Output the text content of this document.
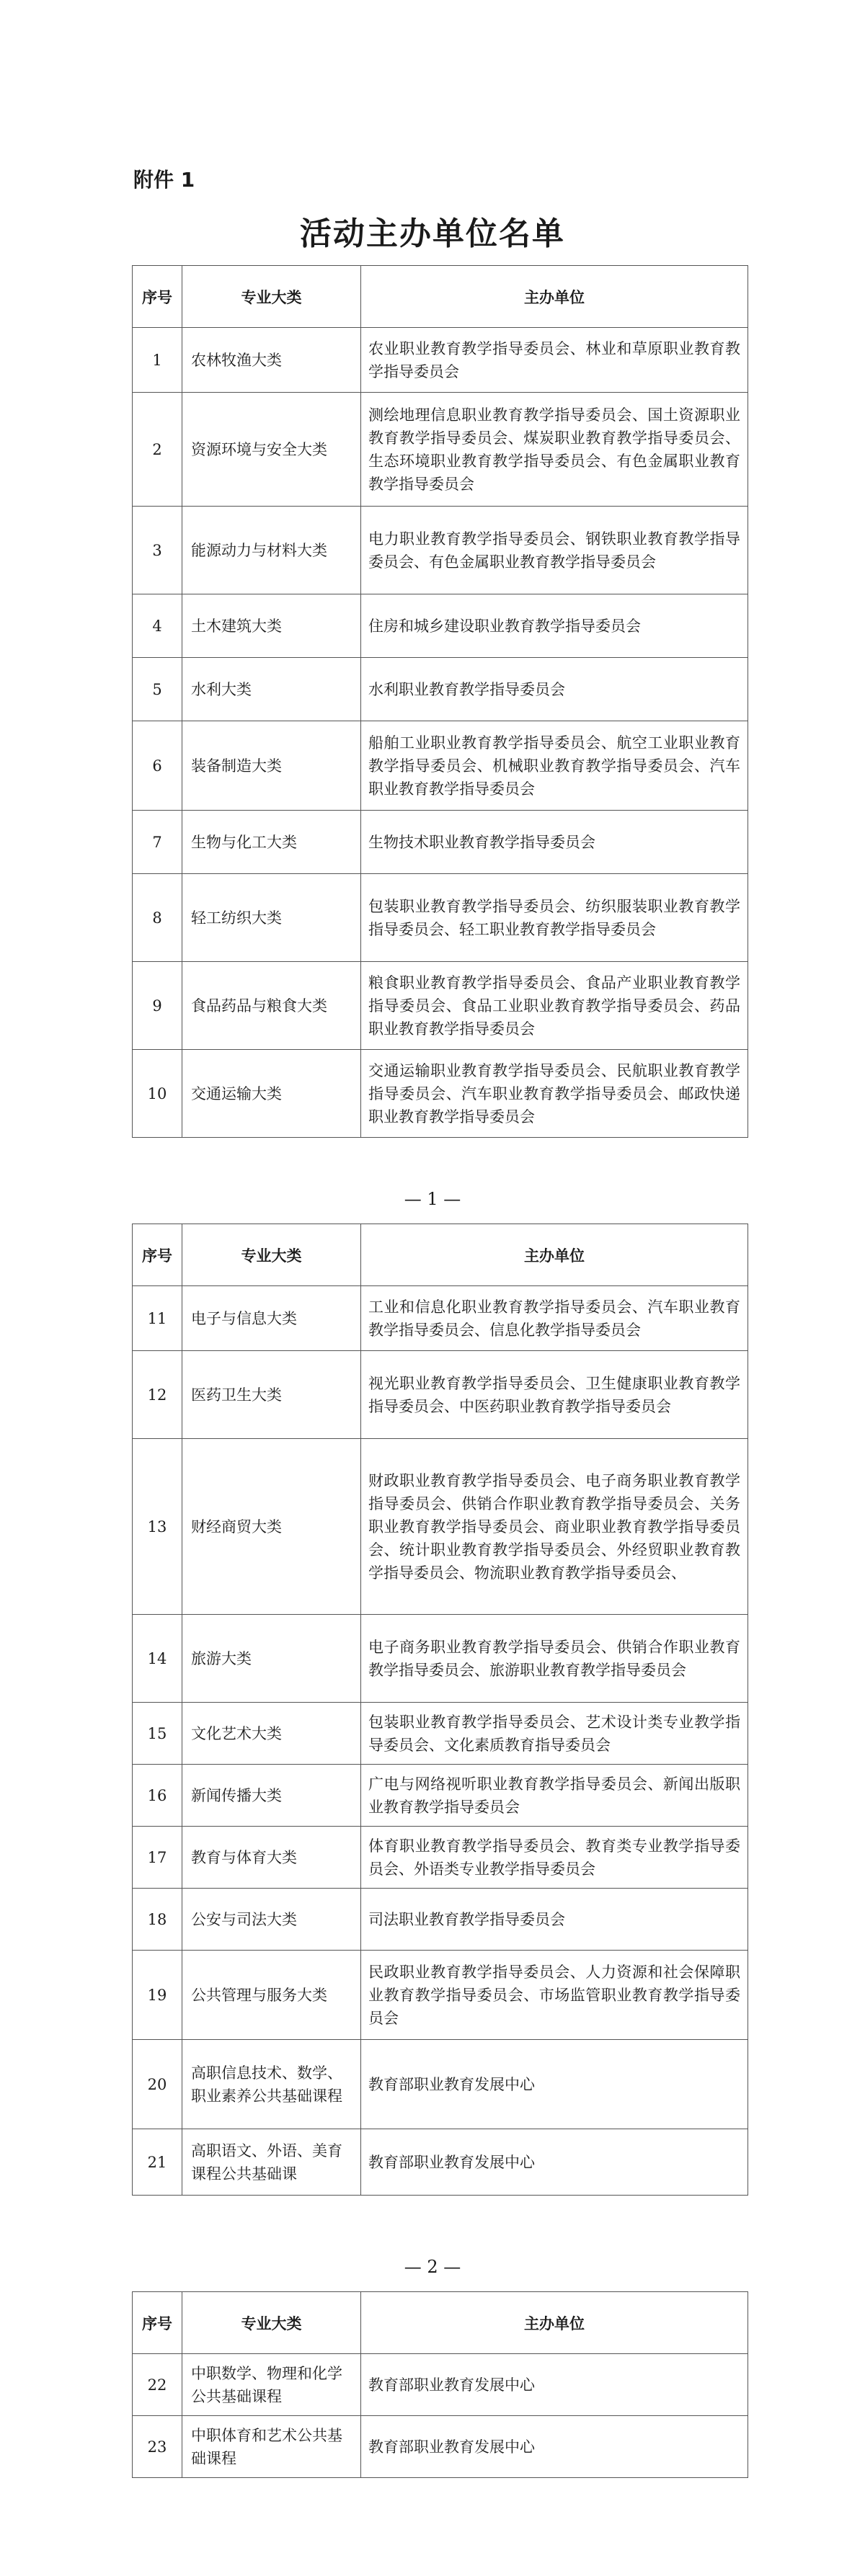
附件 1

活动主办单位名单
序号	专业大类	主办单位
1	农林牧渔大类	农业职业教育教学指导委员会、林业和草原职业教育教学指导委员会
2	资源环境与安全大类	测绘地理信息职业教育教学指导委员会、国土资源职业教育教学指导委员会、煤炭职业教育教学指导委员会、生态环境职业教育教学指导委员会、有色金属职业教育教学指导委员会
3	能源动力与材料大类	电力职业教育教学指导委员会、钢铁职业教育教学指导委员会、有色金属职业教育教学指导委员会
4	土木建筑大类	住房和城乡建设职业教育教学指导委员会
5	水利大类	水利职业教育教学指导委员会
6	装备制造大类	船舶工业职业教育教学指导委员会、航空工业职业教育教学指导委员会、机械职业教育教学指导委员会、汽车职业教育教学指导委员会
7	生物与化工大类	生物技术职业教育教学指导委员会
8	轻工纺织大类	包装职业教育教学指导委员会、纺织服装职业教育教学指导委员会、轻工职业教育教学指导委员会
9	食品药品与粮食大类	粮食职业教育教学指导委员会、食品产业职业教育教学指导委员会、食品工业职业教育教学指导委员会、药品职业教育教学指导委员会
10	交通运输大类	交通运输职业教育教学指导委员会、民航职业教育教学指导委员会、汽车职业教育教学指导委员会、邮政快递职业教育教学指导委员会

— 1 —

序号	专业大类	主办单位
11	电子与信息大类	工业和信息化职业教育教学指导委员会、汽车职业教育教学指导委员会、信息化教学指导委员会
12	医药卫生大类	视光职业教育教学指导委员会、卫生健康职业教育教学指导委员会、中医药职业教育教学指导委员会
13	财经商贸大类	财政职业教育教学指导委员会、电子商务职业教育教学指导委员会、供销合作职业教育教学指导委员会、关务职业教育教学指导委员会、商业职业教育教学指导委员会、统计职业教育教学指导委员会、外经贸职业教育教学指导委员会、物流职业教育教学指导委员会、
14	旅游大类	电子商务职业教育教学指导委员会、供销合作职业教育教学指导委员会、旅游职业教育教学指导委员会
15	文化艺术大类	包装职业教育教学指导委员会、艺术设计类专业教学指导委员会、文化素质教育指导委员会
16	新闻传播大类	广电与网络视听职业教育教学指导委员会、新闻出版职业教育教学指导委员会
17	教育与体育大类	体育职业教育教学指导委员会、教育类专业教学指导委员会、外语类专业教学指导委员会
18	公安与司法大类	司法职业教育教学指导委员会
19	公共管理与服务大类	民政职业教育教学指导委员会、人力资源和社会保障职业教育教学指导委员会、市场监管职业教育教学指导委员会
20	高职信息技术、数学、职业素养公共基础课程	教育部职业教育发展中心
21	高职语文、外语、美育课程公共基础课	教育部职业教育发展中心

— 2 —

序号	专业大类	主办单位
22	中职数学、物理和化学公共基础课程	教育部职业教育发展中心
23	中职体育和艺术公共基础课程	教育部职业教育发展中心
